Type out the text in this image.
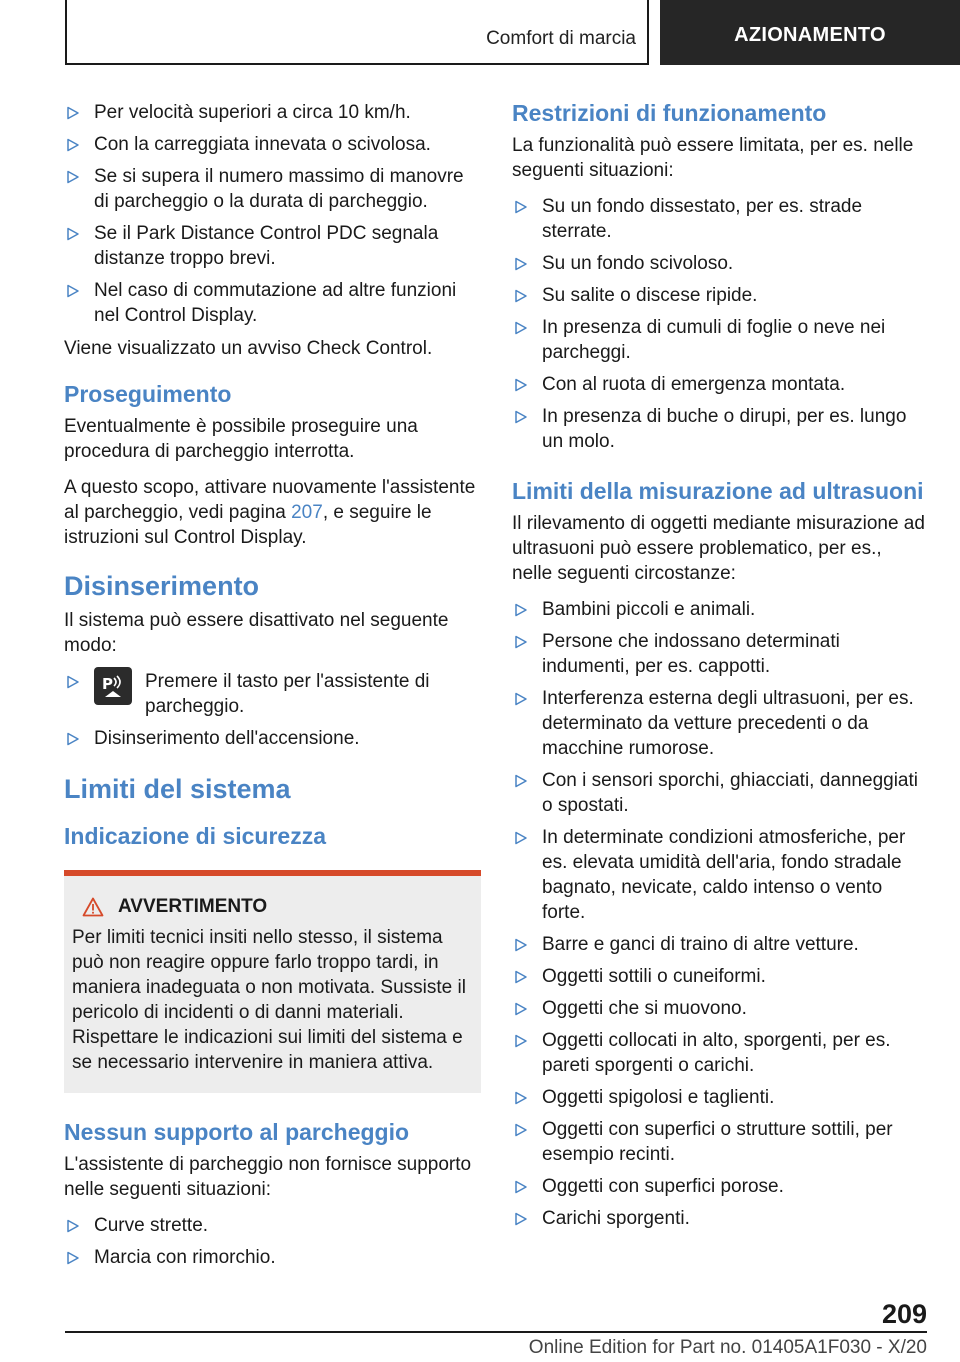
Comfort di marcia	AZIONAMENTO
Per velocità superiori a circa 10 km/h.
Con la carreggiata innevata o scivolosa.
Se si supera il numero massimo di manovre di parcheggio o la durata di parcheggio.
Se il Park Distance Control PDC segnala distanze troppo brevi.
Nel caso di commutazione ad altre funzioni nel Control Display.

Viene visualizzato un avviso Check Control.

Proseguimento

Eventualmente è possibile proseguire una procedura di parcheggio interrotta.

A questo scopo, attivare nuovamente l'assistente al parcheggio, vedi pagina 207, e seguire le istruzioni sul Control Display.

Disinserimento

Il sistema può essere disattivato nel seguente modo:

P Premere il tasto per l'assistente di parcheggio.
Disinserimento dell'accensione.
Limiti del sistema
Indicazione di sicurezza
AVVERTIMENTO
Per limiti tecnici insiti nello stesso, il sistema può non reagire oppure farlo troppo tardi, in maniera inadeguata o non motivata. Sussiste il pericolo di incidenti o di danni materiali. Rispettare le indicazioni sui limiti del sistema e se necessario intervenire in maniera attiva.
Nessun supporto al parcheggio

L'assistente di parcheggio non fornisce supporto nelle seguenti situazioni:

Curve strette.
Marcia con rimorchio.
Restrizioni di funzionamento

La funzionalità può essere limitata, per es. nelle seguenti situazioni:

Su un fondo dissestato, per es. strade sterrate.
Su un fondo scivoloso.
Su salite o discese ripide.
In presenza di cumuli di foglie o neve nei parcheggi.
Con al ruota di emergenza montata.
In presenza di buche o dirupi, per es. lungo un molo.
Limiti della misurazione ad ultrasuoni

Il rilevamento di oggetti mediante misurazione ad ultrasuoni può essere problematico, per es., nelle seguenti circostanze:

Bambini piccoli e animali.
Persone che indossano determinati indumenti, per es. cappotti.
Interferenza esterna degli ultrasuoni, per es. determinato da vetture precedenti o da macchine rumorose.
Con i sensori sporchi, ghiacciati, danneggiati o spostati.
In determinate condizioni atmosferiche, per es. elevata umidità dell'aria, fondo stradale bagnato, nevicate, caldo intenso o vento forte.
Barre e ganci di traino di altre vetture.
Oggetti sottili o cuneiformi.
Oggetti che si muovono.
Oggetti collocati in alto, sporgenti, per es. pareti sporgenti o carichi.
Oggetti spigolosi e taglienti.
Oggetti con superfici o strutture sottili, per esempio recinti.
Oggetti con superfici porose.
Carichi sporgenti.
209
Online Edition for Part no. 01405A1F030 - X/20
